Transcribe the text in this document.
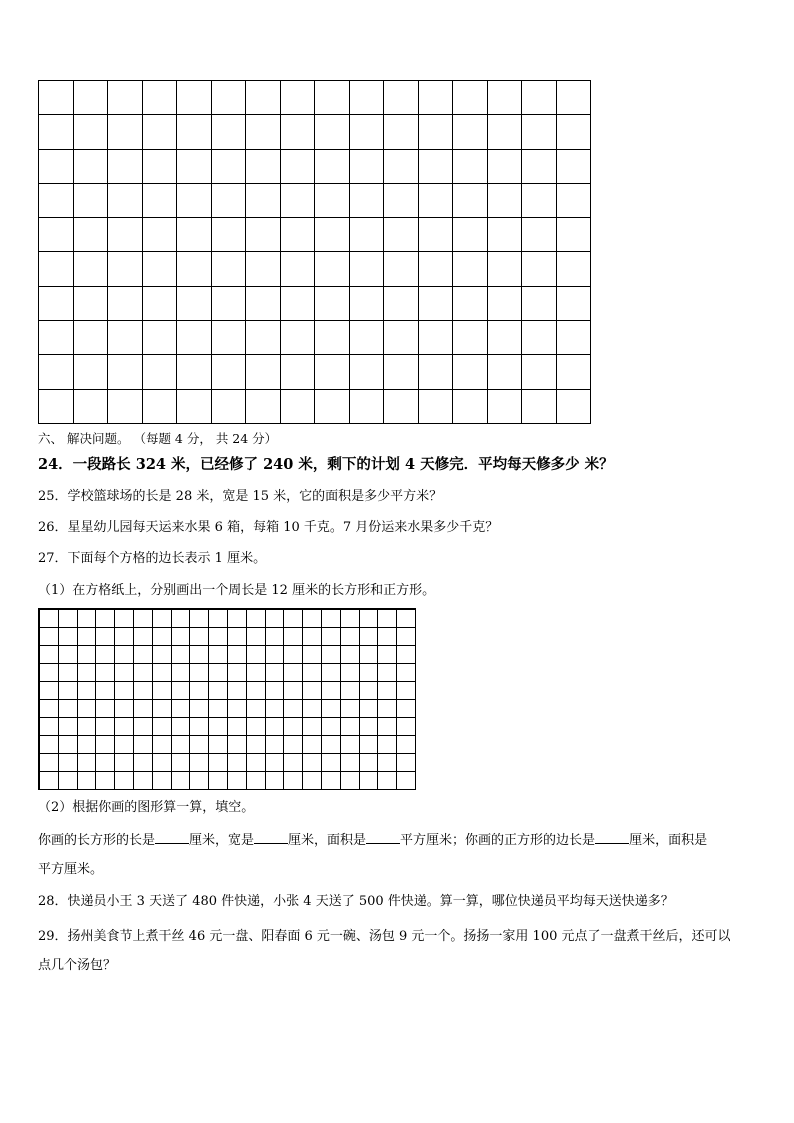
六、 解决问题。 （每题 4 分， 共 24 分）
24．一段路长 324 米，已经修了 240 米，剩下的计划 4 天修完．平均每天修多少 米？
25．学校篮球场的长是 28 米，宽是 15 米，它的面积是多少平方米？
26．星星幼儿园每天运来水果 6 箱，每箱 10 千克。7 月份运来水果多少千克？
27．下面每个方格的边长表示 1 厘米。
（1）在方格纸上，分别画出一个周长是 12 厘米的长方形和正方形。
（2）根据你画的图形算一算，填空。
你画的长方形的长是	厘米，宽是	厘米，面积是	平方厘米；你画的正方形的边长是	厘米，面积是
平方厘米。
28．快递员小王 3 天送了 480 件快递，小张 4 天送了 500 件快递。算一算，哪位快递员平均每天送快递多？
29．扬州美食节上煮干丝 46 元一盘、阳春面 6 元一碗、汤包 9 元一个。扬扬一家用 100 元点了一盘煮干丝后，还可以
点几个汤包？
